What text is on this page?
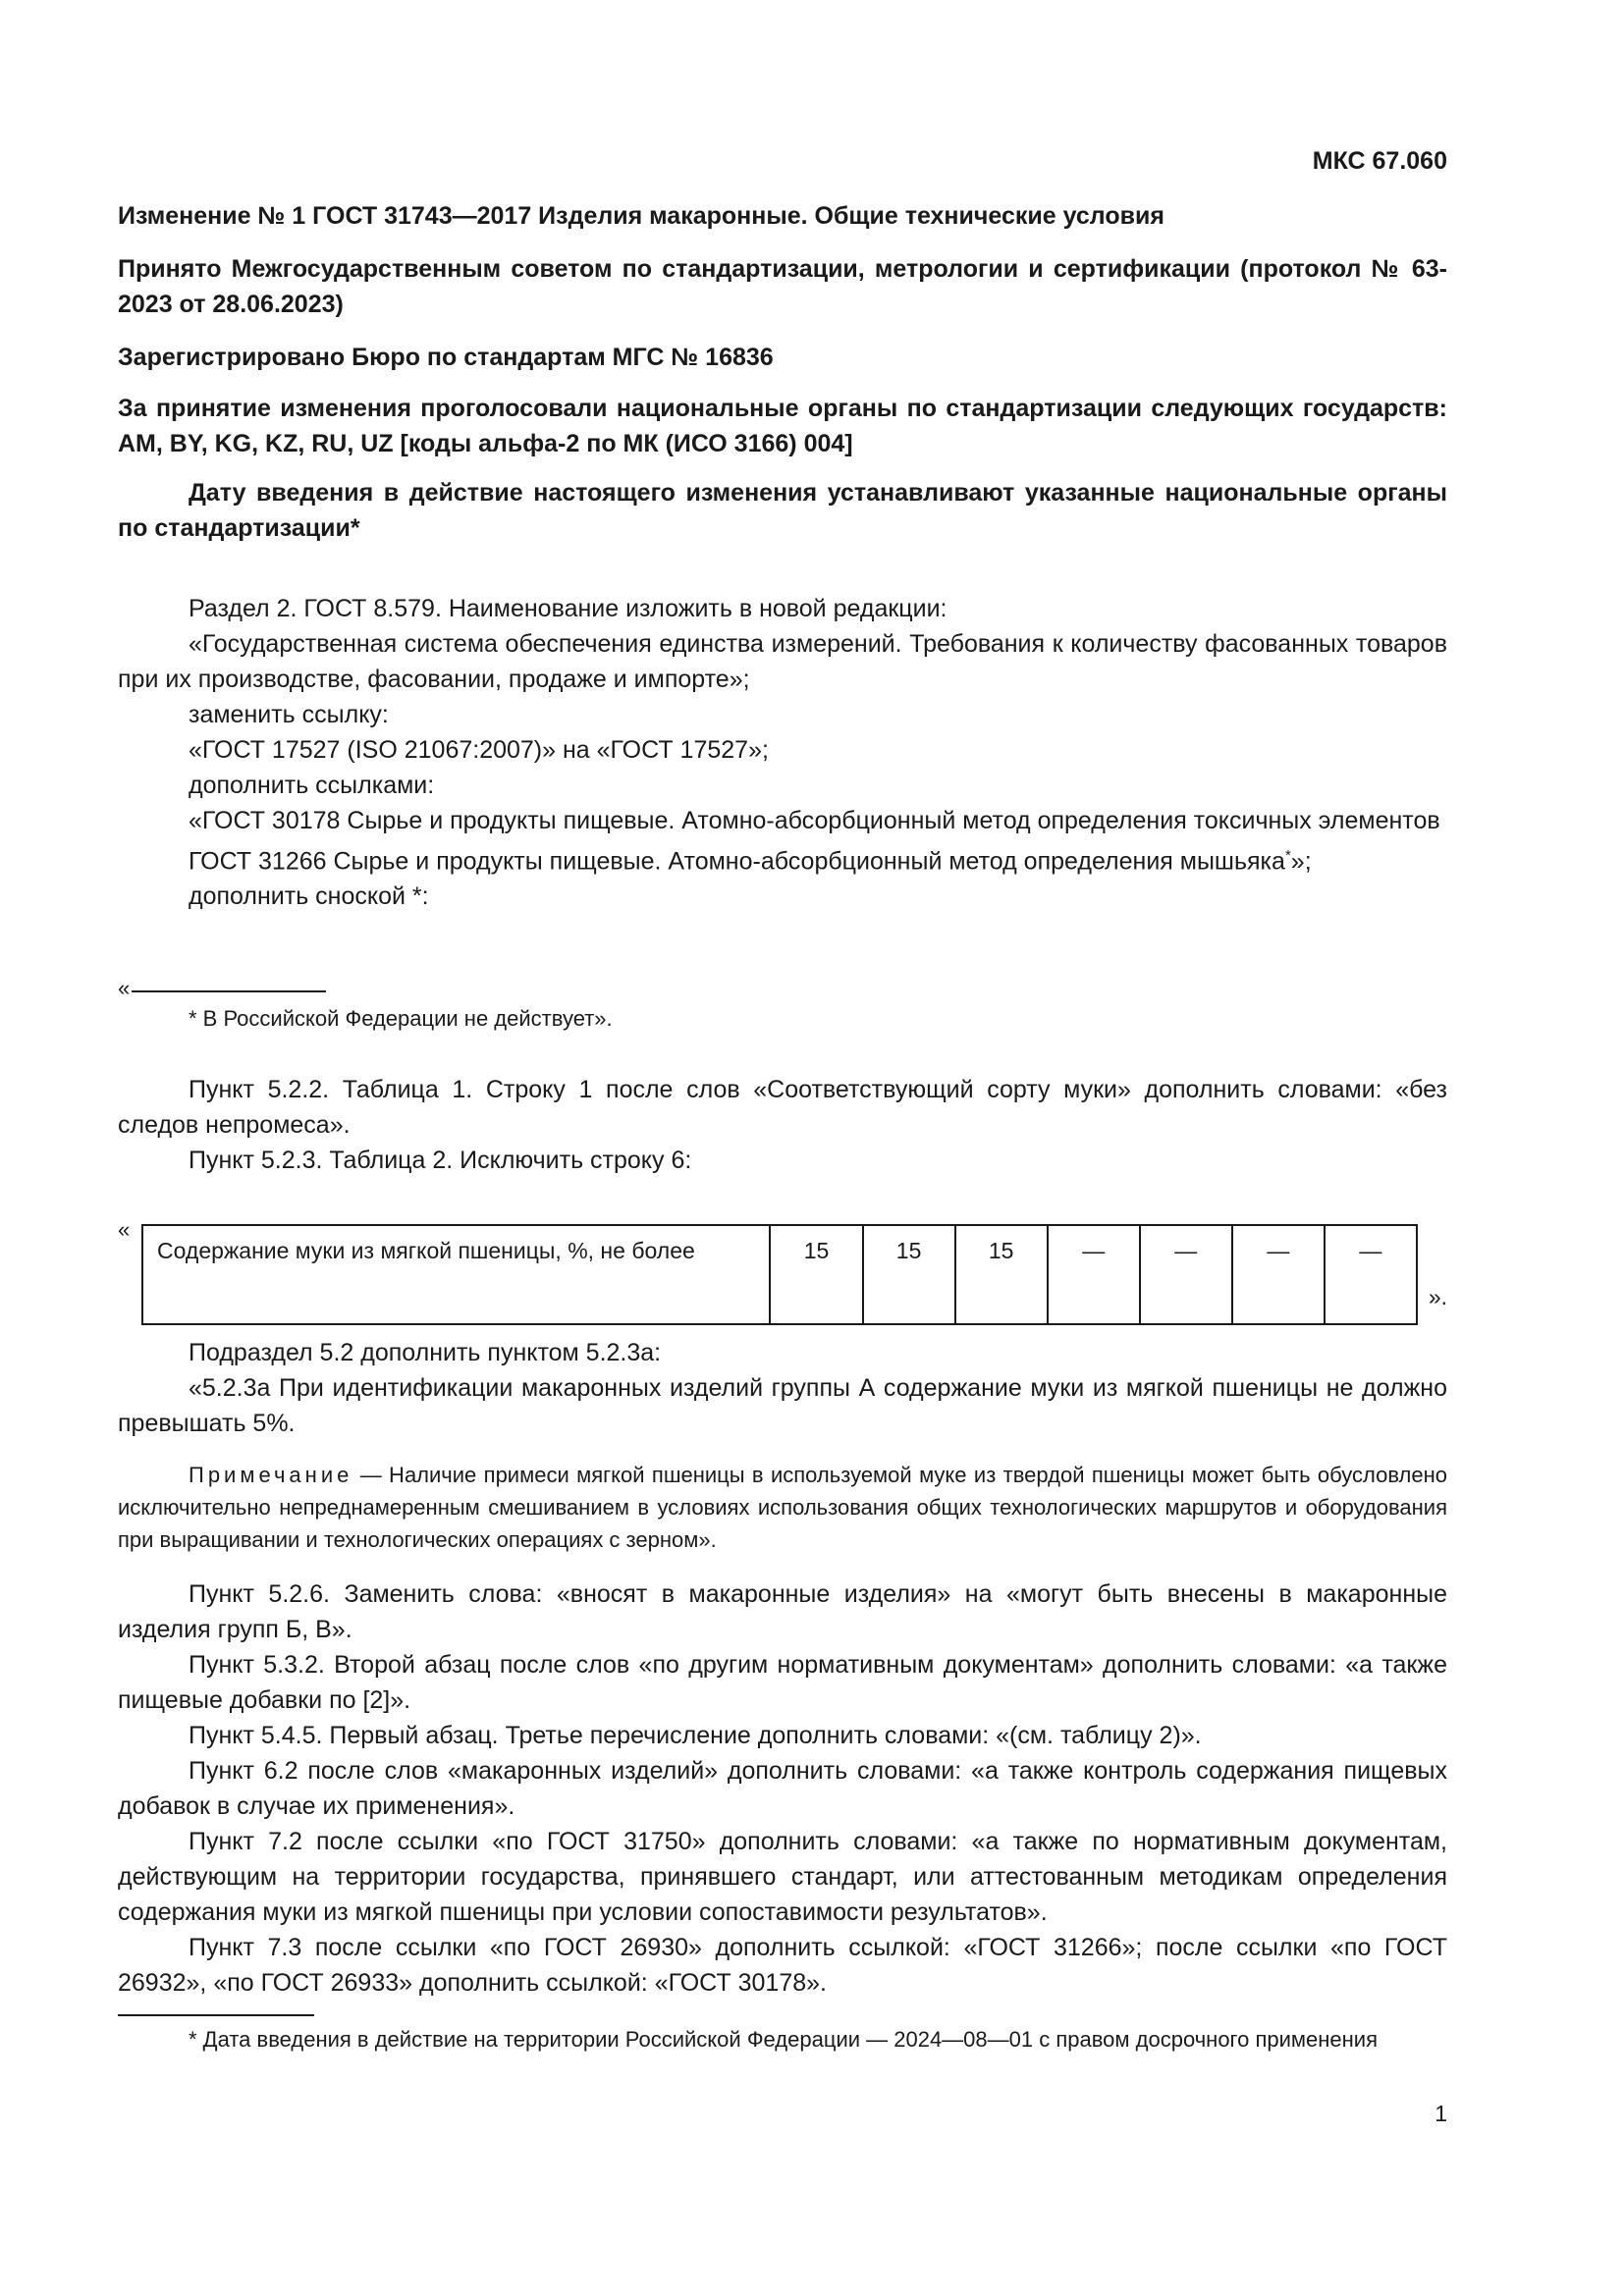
МКС 67.060

Изменение № 1 ГОСТ 31743—2017 Изделия макаронные. Общие технические условия

Принято Межгосударственным советом по стандартизации, метрологии и сертификации (протокол № 63-2023 от 28.06.2023)

Зарегистрировано Бюро по стандартам МГС № 16836

За принятие изменения проголосовали национальные органы по стандартизации следующих государств: AM, BY, KG, KZ, RU, UZ [коды альфа-2 по МК (ИСО 3166) 004]

Дату введения в действие настоящего изменения устанавливают указанные национальные органы по стандартизации*

Раздел 2. ГОСТ 8.579. Наименование изложить в новой редакции:

«Государственная система обеспечения единства измерений. Требования к количеству фасованных товаров при их производстве, фасовании, продаже и импорте»;

заменить ссылку:

«ГОСТ 17527 (ISO 21067:2007)» на «ГОСТ 17527»;

дополнить ссылками:

«ГОСТ 30178 Сырье и продукты пищевые. Атомно-абсорбционный метод определения токсичных элементов

ГОСТ 31266 Сырье и продукты пищевые. Атомно-абсорбционный метод определения мышьяка*»;

дополнить сноской *:

«

* В Российской Федерации не действует».

Пункт 5.2.2. Таблица 1. Строку 1 после слов «Соответствующий сорту муки» дополнить словами: «без следов непромеса».

Пункт 5.2.3. Таблица 2. Исключить строку 6:

«
Содержание муки из мягкой пшеницы, %, не более	15	15	15	—	—	—	—
».

Подраздел 5.2 дополнить пунктом 5.2.3а:

«5.2.3а При идентификации макаронных изделий группы А содержание муки из мягкой пшеницы не должно превышать 5%.

Примечание — Наличие примеси мягкой пшеницы в используемой муке из твердой пшеницы может быть обусловлено исключительно непреднамеренным смешиванием в условиях использования общих технологических маршрутов и оборудования при выращивании и технологических операциях с зерном».

Пункт 5.2.6. Заменить слова: «вносят в макаронные изделия» на «могут быть внесены в макаронные изделия групп Б, В».

Пункт 5.3.2. Второй абзац после слов «по другим нормативным документам» дополнить словами: «а также пищевые добавки по [2]».

Пункт 5.4.5. Первый абзац. Третье перечисление дополнить словами: «(см. таблицу 2)».

Пункт 6.2 после слов «макаронных изделий» дополнить словами: «а также контроль содержания пищевых добавок в случае их применения».

Пункт 7.2 после ссылки «по ГОСТ 31750» дополнить словами: «а также по нормативным документам, действующим на территории государства, принявшего стандарт, или аттестованным методикам определения содержания муки из мягкой пшеницы при условии сопоставимости результатов».

Пункт 7.3 после ссылки «по ГОСТ 26930» дополнить ссылкой: «ГОСТ 31266»; после ссылки «по ГОСТ 26932», «по ГОСТ 26933» дополнить ссылкой: «ГОСТ 30178».

* Дата введения в действие на территории Российской Федерации — 2024—08—01 с правом досрочного применения

1
